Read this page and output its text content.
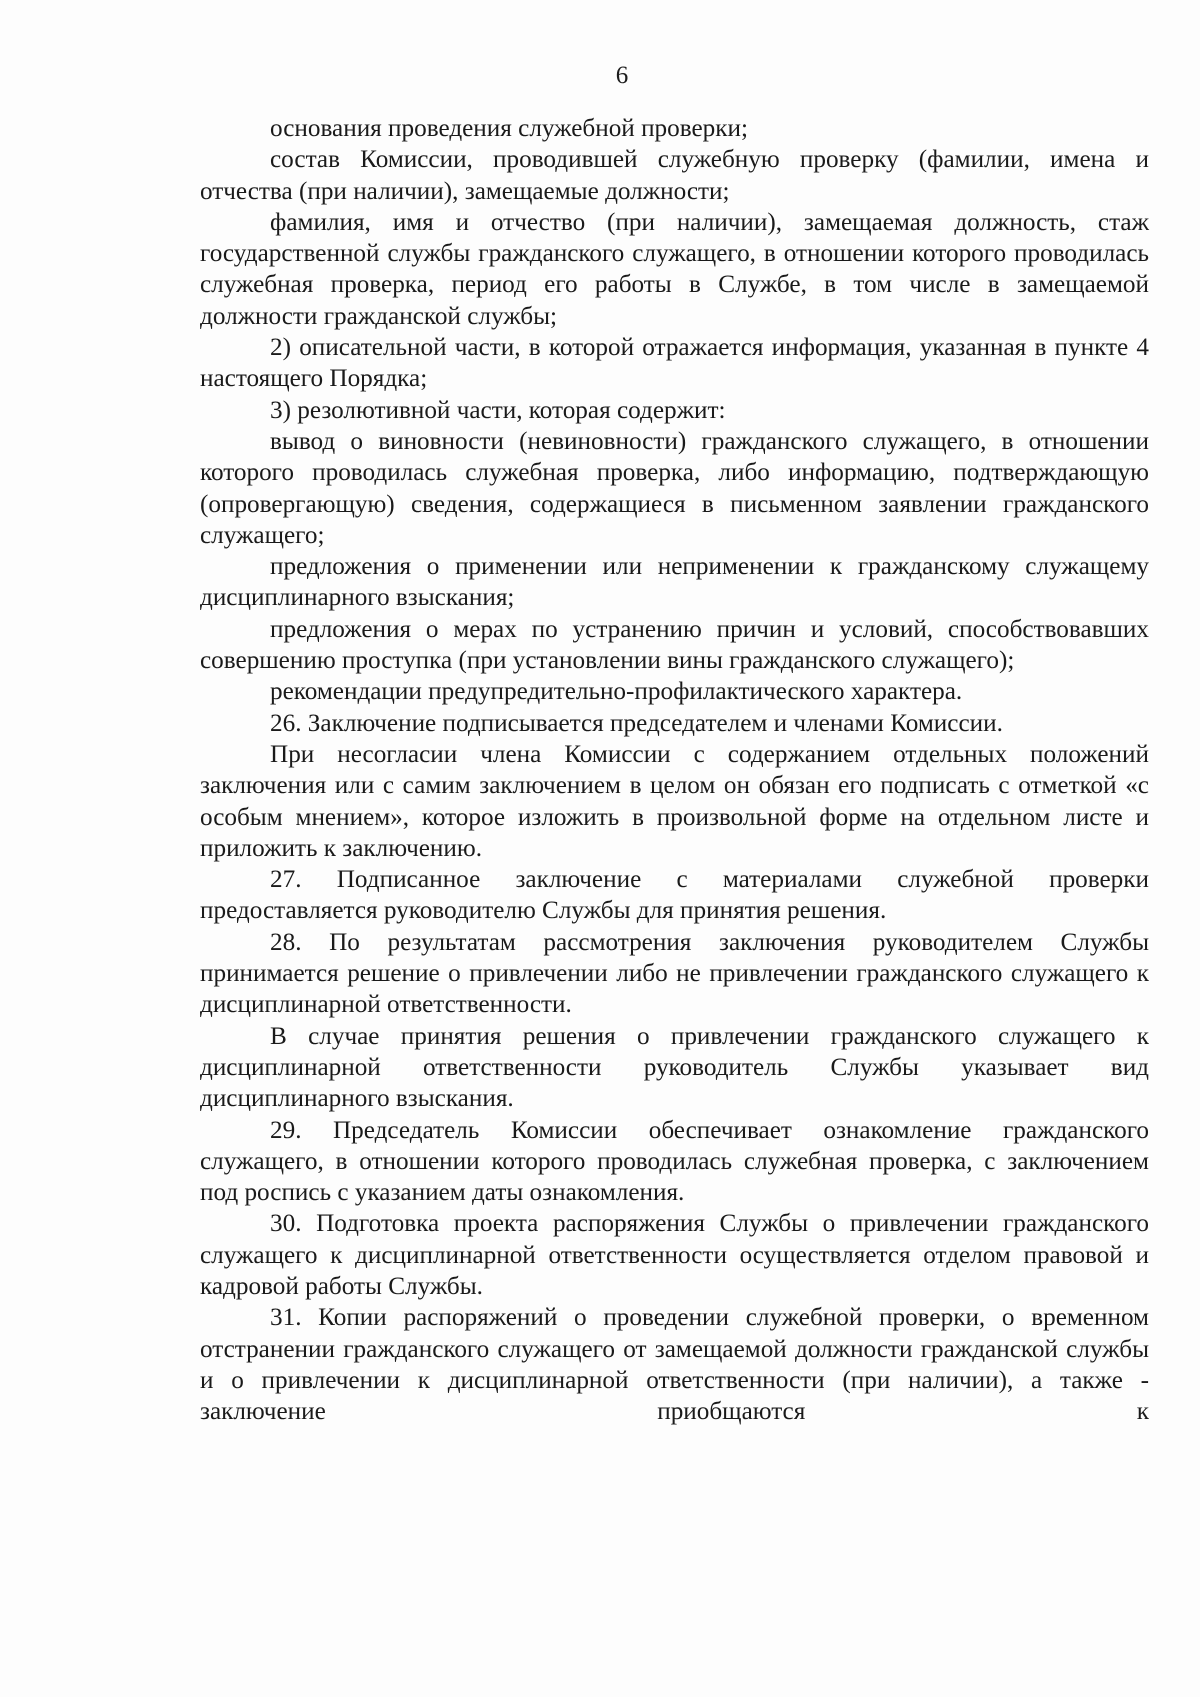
6

основания проведения служебной проверки;

состав Комиссии, проводившей служебную проверку (фамилии, имена и отчества (при наличии), замещаемые должности;

фамилия, имя и отчество (при наличии), замещаемая должность, стаж государственной службы гражданского служащего, в отношении которого проводилась служебная проверка, период его работы в Службе, в том числе в замещаемой должности гражданской службы;

2) описательной части, в которой отражается информация, указанная в пункте 4 настоящего Порядка;

3) резолютивной части, которая содержит:

вывод о виновности (невиновности) гражданского служащего, в отношении которого проводилась служебная проверка, либо информацию, подтверждающую (опровергающую) сведения, содержащиеся в письменном заявлении гражданского служащего;

предложения о применении или неприменении к гражданскому служащему дисциплинарного взыскания;

предложения о мерах по устранению причин и условий, способствовавших совершению проступка (при установлении вины гражданского служащего);

рекомендации предупредительно-профилактического характера.

26. Заключение подписывается председателем и членами Комиссии.

При несогласии члена Комиссии с содержанием отдельных положений заключения или с самим заключением в целом он обязан его подписать с отметкой «с особым мнением», которое изложить в произвольной форме на отдельном листе и приложить к заключению.

27. Подписанное заключение с материалами служебной проверки предоставляется руководителю Службы для принятия решения.

28. По результатам рассмотрения заключения руководителем Службы принимается решение о привлечении либо не привлечении гражданского служащего к дисциплинарной ответственности.

В случае принятия решения о привлечении гражданского служащего к дисциплинарной ответственности руководитель Службы указывает вид дисциплинарного взыскания.

29. Председатель Комиссии обеспечивает ознакомление гражданского служащего, в отношении которого проводилась служебная проверка, с заключением под роспись с указанием даты ознакомления.

30. Подготовка проекта распоряжения Службы о привлечении гражданского служащего к дисциплинарной ответственности осуществляется отделом правовой и кадровой работы Службы.

31. Копии распоряжений о проведении служебной проверки, о временном отстранении гражданского служащего от замещаемой должности гражданской службы и о привлечении к дисциплинарной ответственности (при наличии), а также - заключение приобщаются к
